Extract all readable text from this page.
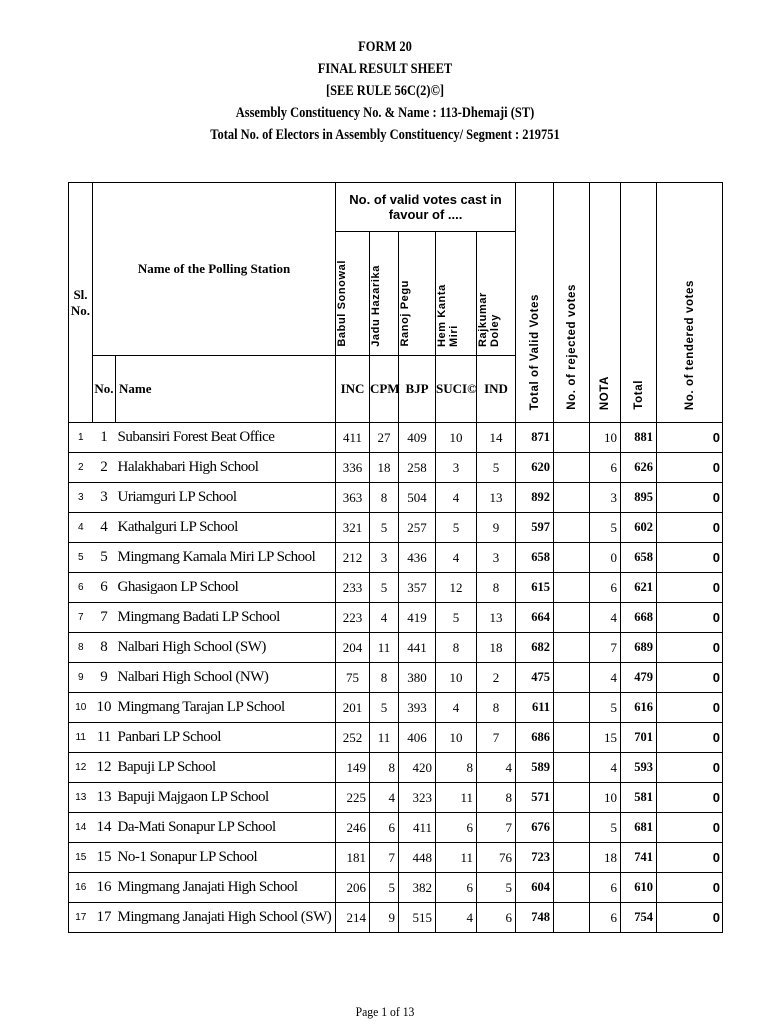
FORM 20
FINAL RESULT SHEET
[SEE RULE 56C(2)©]
Assembly Constituency No. & Name : 113-Dhemaji (ST)
Total No. of Electors in Assembly Constituency/ Segment : 219751
Sl. No.	Name of the Polling Station		No. of valid votes cast in favour of ....					Total of Valid Votes	No. of rejected votes	NOTA	Total	No. of tendered votes
			Babul Sonowal	Jadu Hazarika	Ranoj Pegu	Hem Kanta Miri	Rajkumar Doley					
	No.	Name	INC	CPM	BJP	SUCI©	IND					
1	1	Subansiri Forest Beat Office	411	27	409	10	14	871		10	881	0
2	2	Halakhabari High School	336	18	258	3	5	620		6	626	0
3	3	Uriamguri LP School	363	8	504	4	13	892		3	895	0
4	4	Kathalguri LP School	321	5	257	5	9	597		5	602	0
5	5	Mingmang Kamala Miri LP School	212	3	436	4	3	658		0	658	0
6	6	Ghasigaon LP School	233	5	357	12	8	615		6	621	0
7	7	Mingmang Badati LP School	223	4	419	5	13	664		4	668	0
8	8	Nalbari High School (SW)	204	11	441	8	18	682		7	689	0
9	9	Nalbari High School (NW)	75	8	380	10	2	475		4	479	0
10	10	Mingmang Tarajan LP School	201	5	393	4	8	611		5	616	0
11	11	Panbari LP School	252	11	406	10	7	686		15	701	0
12	12	Bapuji LP School	149	8	420	8	4	589		4	593	0
13	13	Bapuji Majgaon LP School	225	4	323	11	8	571		10	581	0
14	14	Da-Mati Sonapur LP School	246	6	411	6	7	676		5	681	0
15	15	No-1 Sonapur LP School	181	7	448	11	76	723		18	741	0
16	16	Mingmang Janajati High School	206	5	382	6	5	604		6	610	0
17	17	Mingmang Janajati High School (SW)	214	9	515	4	6	748		6	754	0
Page 1 of 13
